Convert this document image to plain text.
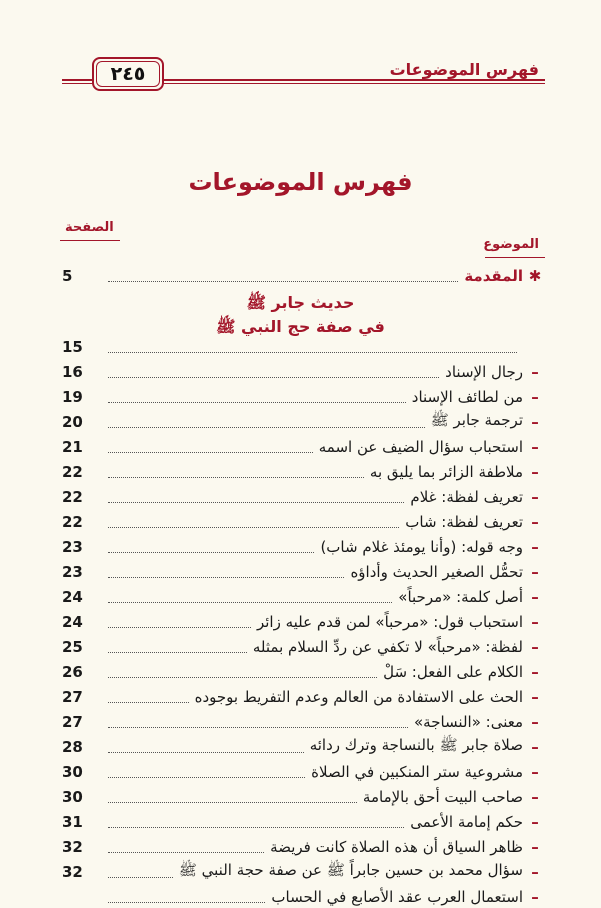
٢٤٥	فهرس الموضوعات
فهرس الموضوعات
الصفحة
الموضوع
✱
المقدمة
5
حديث جابر ﷺ
في صفة حج النبي ﷺ
15
–
رجال الإسناد
16
–
من لطائف الإسناد
19
–
ترجمة جابر ﷺ
20
–
استحباب سؤال الضيف عن اسمه
21
–
ملاطفة الزائر بما يليق به
22
–
تعريف لفظة: غلام
22
–
تعريف لفظة: شاب
22
–
وجه قوله: (وأنا يومئذ غلام شاب)
23
–
تحمُّل الصغير الحديث وأداؤه
23
–
أصل كلمة: «مرحباً»
24
–
استحباب قول: «مرحباً» لمن قدم عليه زائر
24
–
لفظة: «مرحباً» لا تكفي عن ردِّ السلام بمثله
25
–
الكلام على الفعل: سَلْ
26
–
الحث على الاستفادة من العالم وعدم التفريط بوجوده
27
–
معنى: «النساجة»
27
–
صلاة جابر ﷺ بالنساجة وترك ردائه
28
–
مشروعية ستر المنكبين في الصلاة
30
–
صاحب البيت أحق بالإمامة
30
–
حكم إمامة الأعمى
31
–
ظاهر السياق أن هذه الصلاة كانت فريضة
32
–
سؤال محمد بن حسين جابراً ﷺ عن صفة حجة النبي ﷺ
32
–
استعمال العرب عقد الأصابع في الحساب
